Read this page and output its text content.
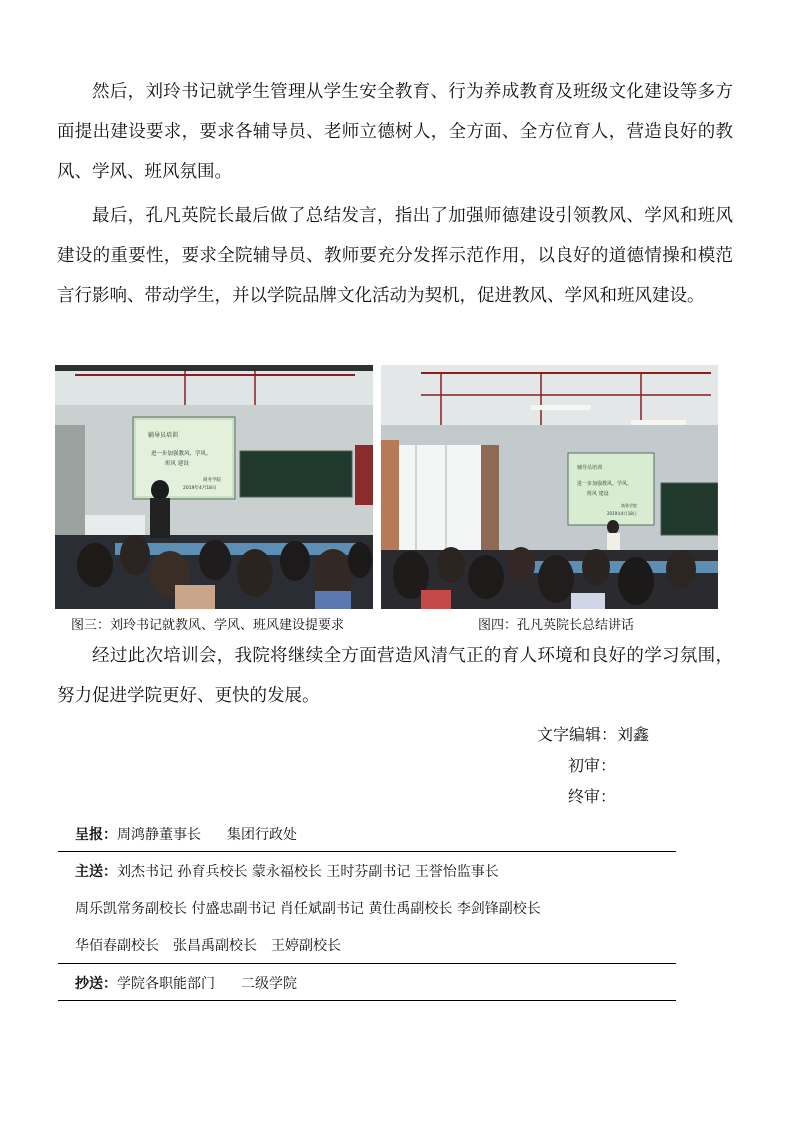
然后，刘玲书记就学生管理从学生安全教育、行为养成教育及班级文化建设等多方面提出建设要求，要求各辅导员、老师立德树人，全方面、全方位育人，营造良好的教风、学风、班风氛围。

最后，孔凡英院长最后做了总结发言，指出了加强师德建设引领教风、学风和班风建设的重要性，要求全院辅导员、教师要充分发挥示范作用，以良好的道德情操和模范言行影响、带动学生，并以学院品牌文化活动为契机，促进教风、学风和班风建设。

辅导员培训
进一步加强教风、学风、
班风 建设
商务学院
2019年4月18日
辅导员培训
进一步加强教风、学风、
班风 建设
商务学院
2019年4月18日
图三：刘玲书记就教风、学风、班风建设提要求	图四：孔凡英院长总结讲话

经过此次培训会，我院将继续全方面营造风清气正的育人环境和良好的学习氛围，努力促进学院更好、更快的发展。

文字编辑：刘鑫
初审：
终审：
呈报：周鸿静董事长 集团行政处
主送：刘杰书记 孙育兵校长 蒙永福校长 王时芬副书记 王誉怡监事长
周乐凯常务副校长 付盛忠副书记 肖任斌副书记 黄仕禹副校长 李剑锋副校长
华佰春副校长 张昌禹副校长 王婷副校长
抄送：学院各职能部门 二级学院
